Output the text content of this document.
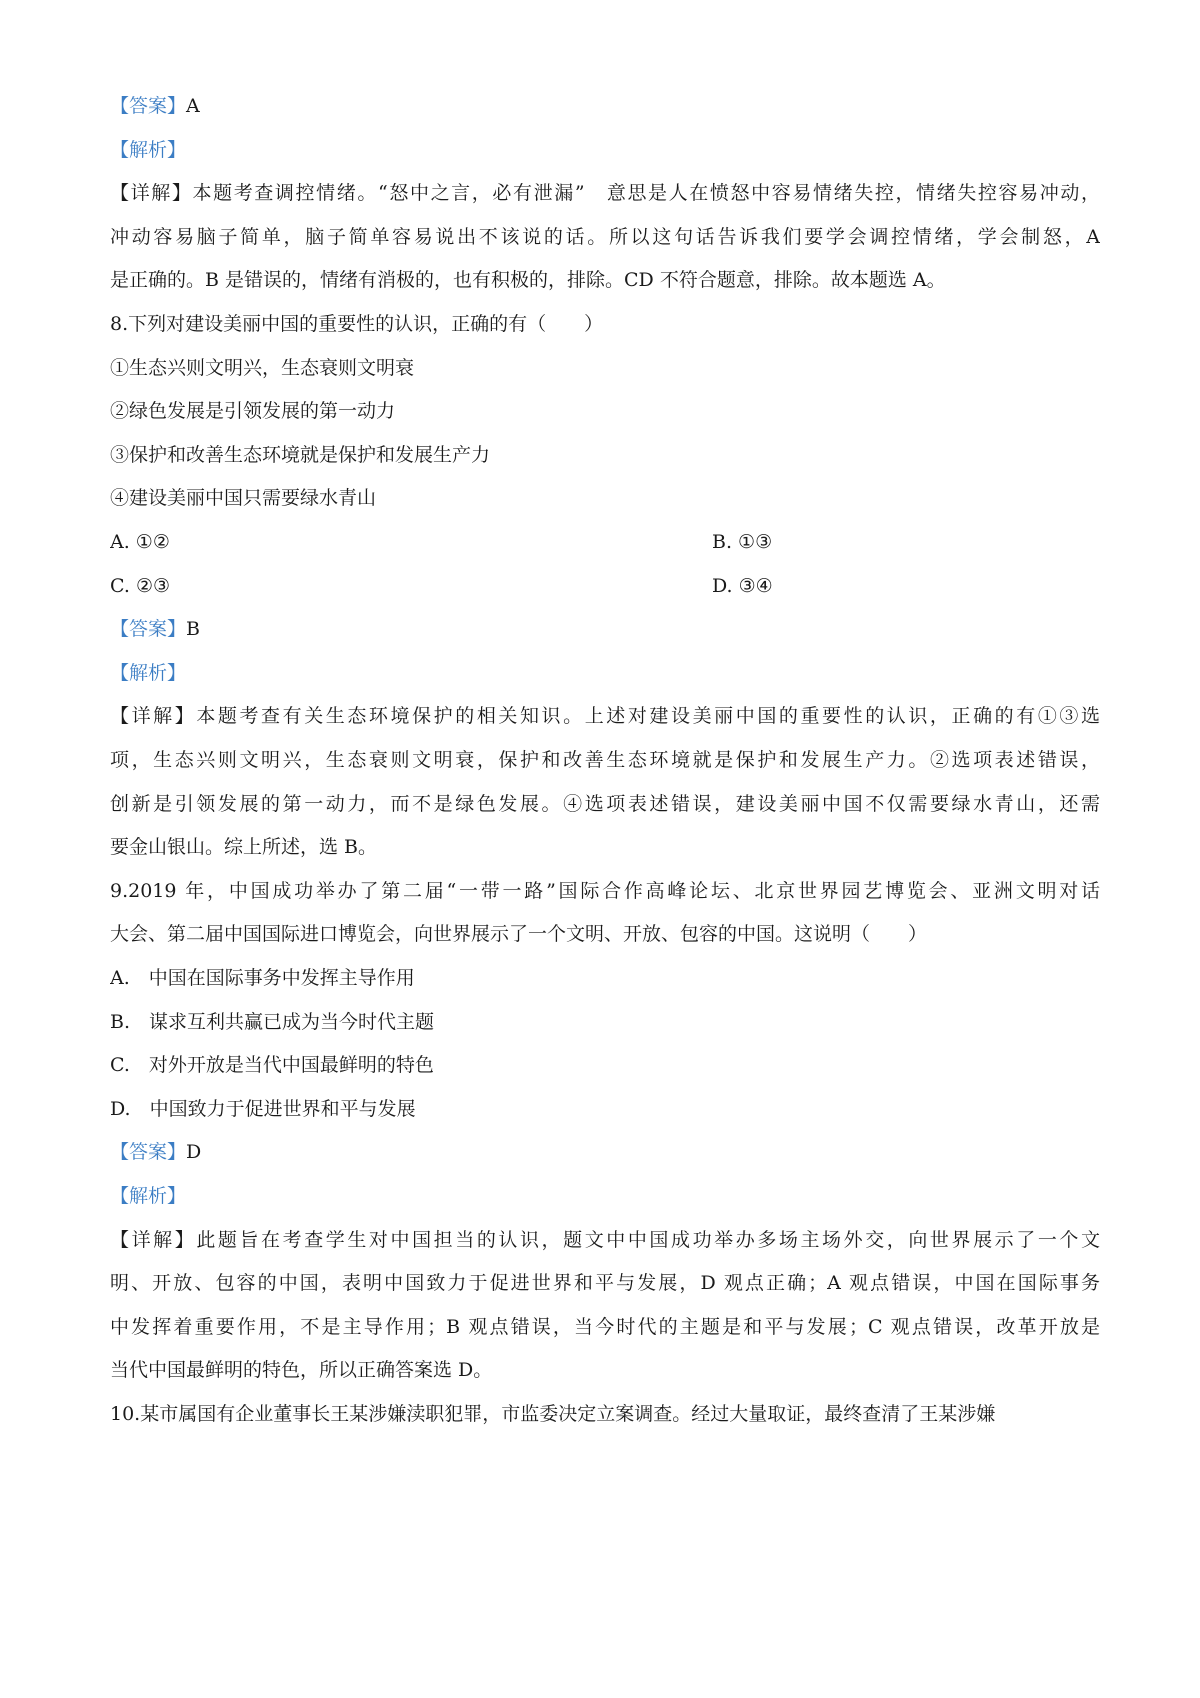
【答案】A
【解析】
【详解】本题考查调控情绪。“怒中之言，必有泄漏”　意思是人在愤怒中容易情绪失控，情绪失控容易冲动，
冲动容易脑子简单，脑子简单容易说出不该说的话。所以这句话告诉我们要学会调控情绪，学会制怒，A
是正确的。B 是错误的，情绪有消极的，也有积极的，排除。CD 不符合题意，排除。故本题选 A。
8.下列对建设美丽中国的重要性的认识，正确的有（　　）
①生态兴则文明兴，生态衰则文明衰
②绿色发展是引领发展的第一动力
③保护和改善生态环境就是保护和发展生产力
④建设美丽中国只需要绿水青山
A. ①②	B. ①③
C. ②③	D. ③④
【答案】B
【解析】
【详解】本题考查有关生态环境保护的相关知识。上述对建设美丽中国的重要性的认识，正确的有①③选
项，生态兴则文明兴，生态衰则文明衰，保护和改善生态环境就是保护和发展生产力。②选项表述错误，
创新是引领发展的第一动力，而不是绿色发展。④选项表述错误，建设美丽中国不仅需要绿水青山，还需
要金山银山。综上所述，选 B。
9.2019 年，中国成功举办了第二届“一带一路”国际合作高峰论坛、北京世界园艺博览会、亚洲文明对话
大会、第二届中国国际进口博览会，向世界展示了一个文明、开放、包容的中国。这说明（　　）
A.　中国在国际事务中发挥主导作用
B.　谋求互利共赢已成为当今时代主题
C.　对外开放是当代中国最鲜明的特色
D.　中国致力于促进世界和平与发展
【答案】D
【解析】
【详解】此题旨在考查学生对中国担当的认识，题文中中国成功举办多场主场外交，向世界展示了一个文
明、开放、包容的中国，表明中国致力于促进世界和平与发展，D 观点正确；A 观点错误，中国在国际事务
中发挥着重要作用，不是主导作用；B 观点错误，当今时代的主题是和平与发展；C 观点错误，改革开放是
当代中国最鲜明的特色，所以正确答案选 D。
10.某市属国有企业董事长王某涉嫌渎职犯罪，市监委决定立案调查。经过大量取证，最终查清了王某涉嫌
